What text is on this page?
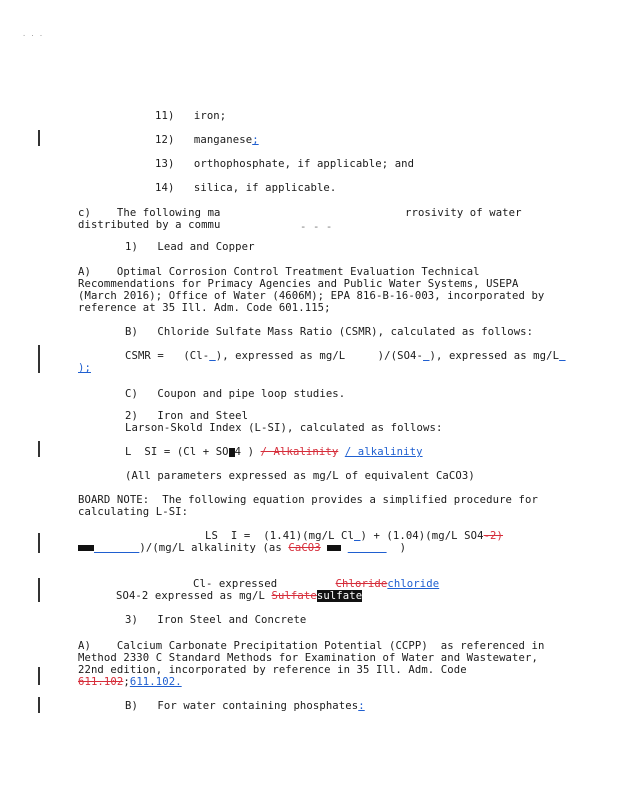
. . .
11) iron;
12) manganese;
13) orthophosphate, if applicable; and
14) silica, if applicable.
c) The following ma	rrosivity of water
distributed by a commu	- - -
1) Lead and Copper
A) Optimal Corrosion Control Treatment Evaluation Technical
Recommendations for Primacy Agencies and Public Water Systems, USEPA
(March 2016); Office of Water (4606M); EPA 816-B-16-003, incorporated by
reference at 35 Ill. Adm. Code 601.115;
B) Chloride Sulfate Mass Ratio (CSMR), calculated as follows:
CSMR = (Cl- ), expressed as mg/L	)/(SO4- ), expressed as mg/L
);
C) Coupon and pipe loop studies.
2) Iron and Steel
Larson-Skold Index (L-SI), calculated as follows:
L  SI = (Cl + SO 4 ) / Alkalinity / alkalinity
(All parameters expressed as mg/L of equivalent CaCO3)
BOARD NOTE:  The following equation provides a simplified procedure for
calculating L-SI:
LS  I =  (1.41)(mg/L Cl ) + (1.04)(mg/L SO4-2)
)/(mg/L alkalinity (as CaCO3	)
Cl- expressed	Chloridechloride
SO4-2 expressed as mg/L Sulfatesulfate
3) Iron Steel and Concrete
A) Calcium Carbonate Precipitation Potential (CCPP)  as referenced in
Method 2330 C Standard Methods for Examination of Water and Wastewater,
22nd edition, incorporated by reference in 35 Ill. Adm. Code
611.102;611.102.
B) For water containing phosphates:
